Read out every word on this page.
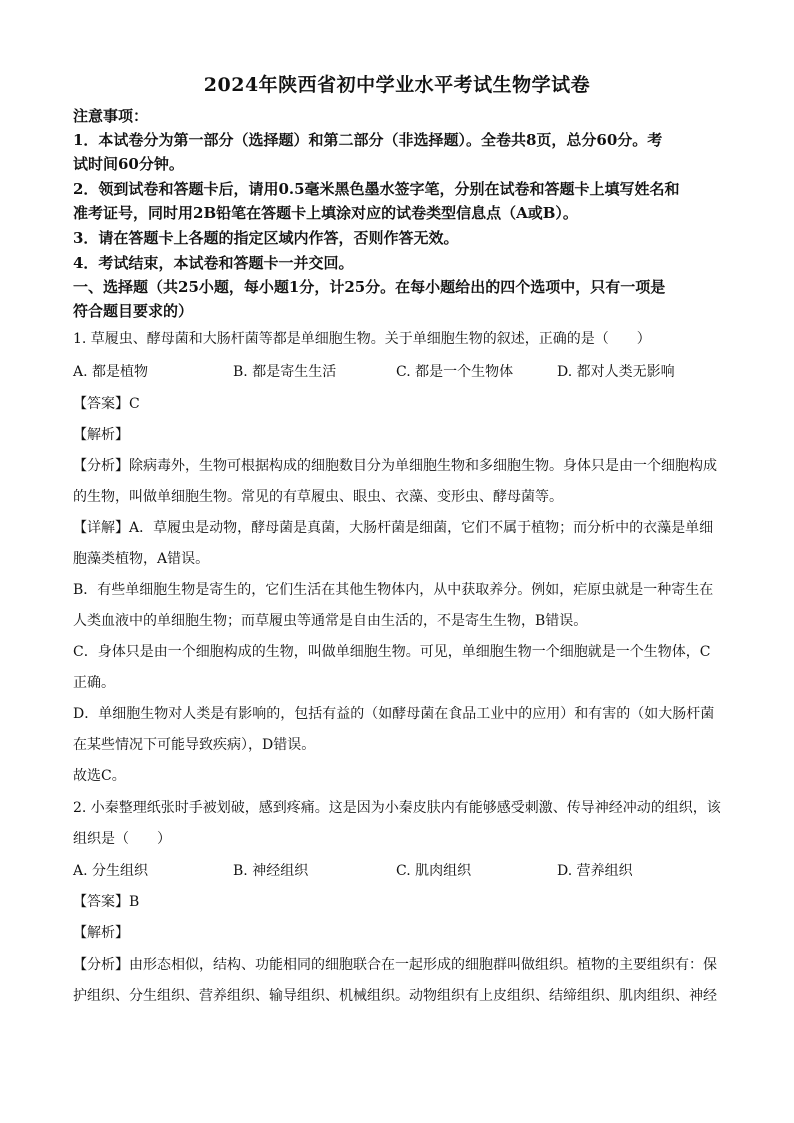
2024年陕西省初中学业水平考试生物学试卷
注意事项：
1．本试卷分为第一部分（选择题）和第二部分（非选择题）。全卷共8页，总分60分。考
试时间60分钟。
2．领到试卷和答题卡后，请用0.5毫米黑色墨水签字笔，分别在试卷和答题卡上填写姓名和
准考证号，同时用2B铅笔在答题卡上填涂对应的试卷类型信息点（A或B）。
3．请在答题卡上各题的指定区域内作答，否则作答无效。
4．考试结束，本试卷和答题卡一并交回。
一、选择题（共25小题，每小题1分，计25分。在每小题给出的四个选项中，只有一项是
符合题目要求的）
1. 草履虫、酵母菌和大肠杆菌等都是单细胞生物。关于单细胞生物的叙述，正确的是（　　）
A. 都是植物	B. 都是寄生生活	C. 都是一个生物体	D. 都对人类无影响
【答案】C
【解析】
【分析】除病毒外，生物可根据构成的细胞数目分为单细胞生物和多细胞生物。身体只是由一个细胞构成
的生物，叫做单细胞生物。常见的有草履虫、眼虫、衣藻、变形虫、酵母菌等。
【详解】A．草履虫是动物，酵母菌是真菌，大肠杆菌是细菌，它们不属于植物；而分析中的衣藻是单细
胞藻类植物，A错误。
B．有些单细胞生物是寄生的，它们生活在其他生物体内，从中获取养分。例如，疟原虫就是一种寄生在
人类血液中的单细胞生物；而草履虫等通常是自由生活的，不是寄生生物，B错误。
C．身体只是由一个细胞构成的生物，叫做单细胞生物。可见，单细胞生物一个细胞就是一个生物体，C
正确。
D．单细胞生物对人类是有影响的，包括有益的（如酵母菌在食品工业中的应用）和有害的（如大肠杆菌
在某些情况下可能导致疾病），D错误。
故选C。
2. 小秦整理纸张时手被划破，感到疼痛。这是因为小秦皮肤内有能够感受刺激、传导神经冲动的组织，该
组织是（　　）
A. 分生组织	B. 神经组织	C. 肌肉组织	D. 营养组织
【答案】B
【解析】
【分析】由形态相似，结构、功能相同的细胞联合在一起形成的细胞群叫做组织。植物的主要组织有：保
护组织、分生组织、营养组织、输导组织、机械组织。动物组织有上皮组织、结缔组织、肌肉组织、神经
